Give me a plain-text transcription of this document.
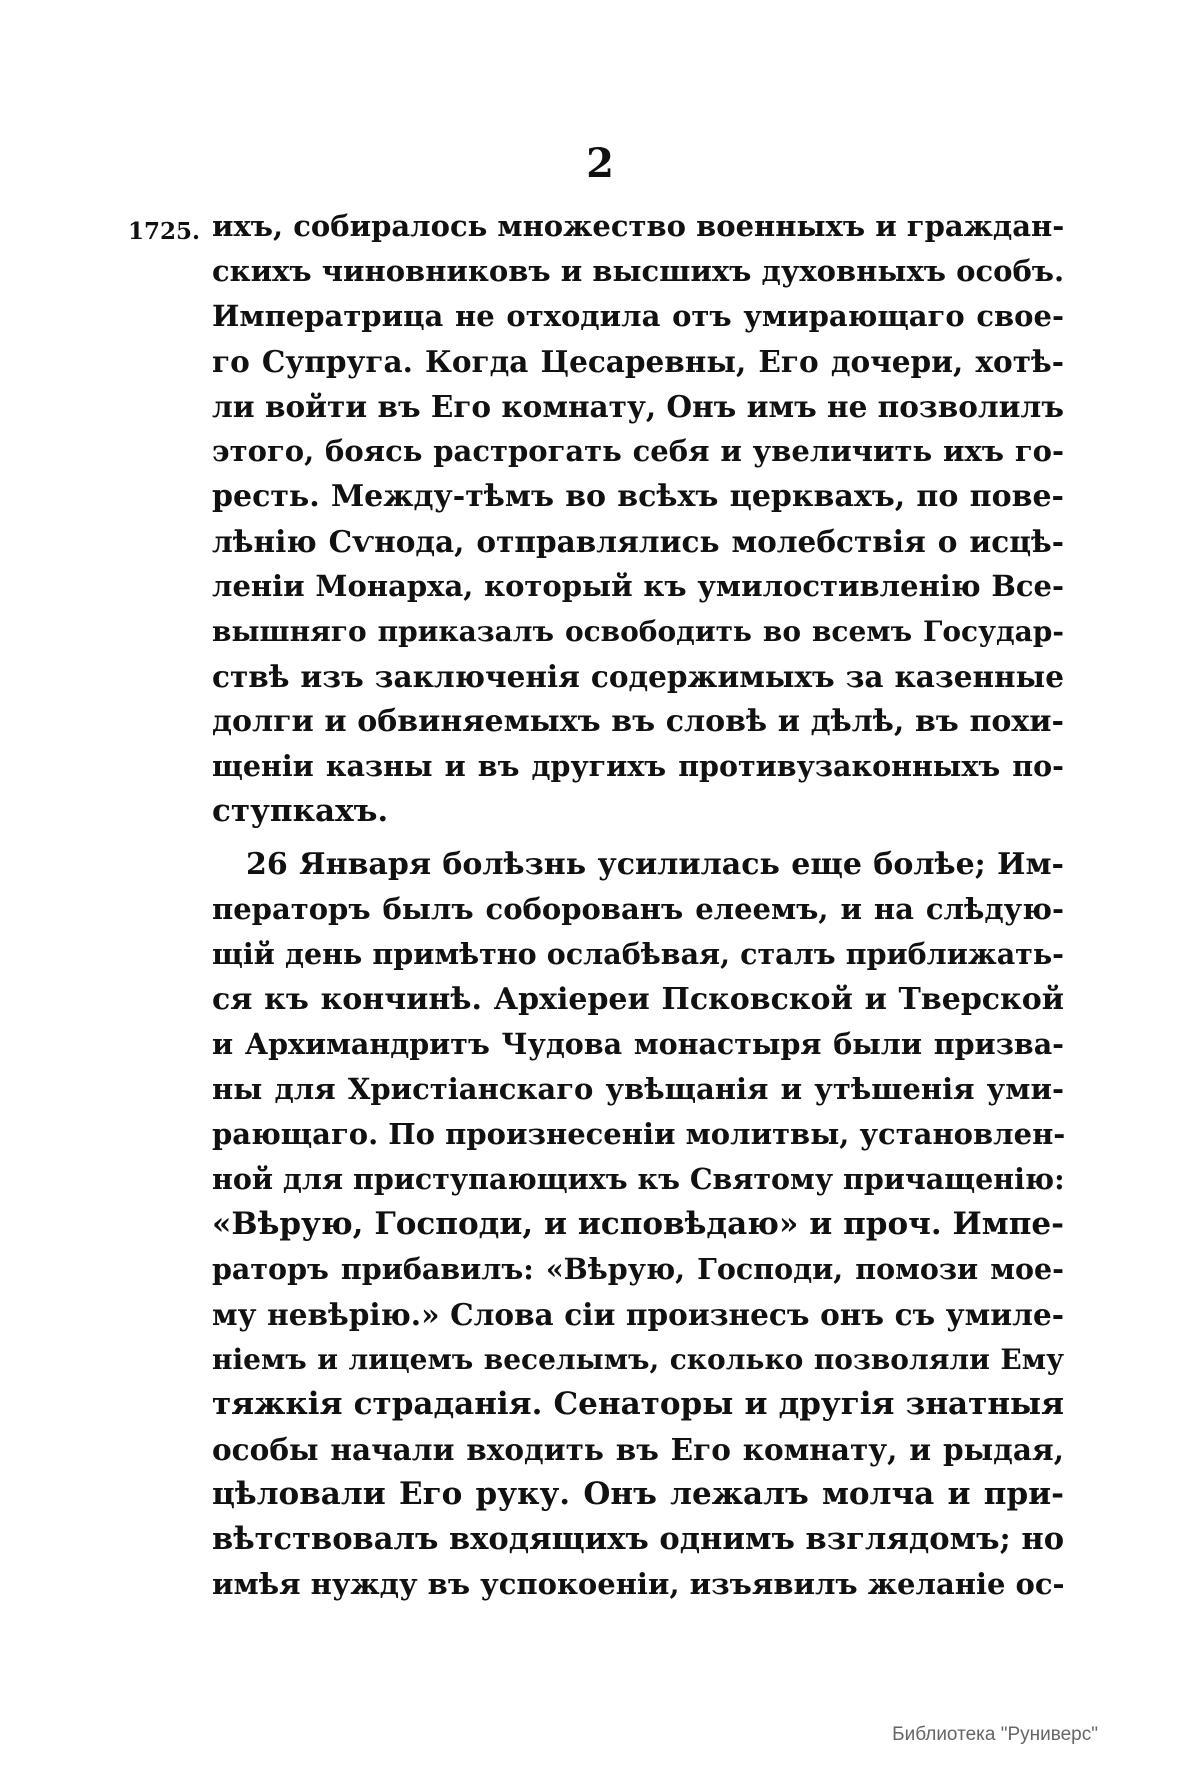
2
1725. ихъ, собиралось множество военныхъ и граждан-
скихъ чиновниковъ и высшихъ духовныхъ особъ.
Императрица не отходила отъ умирающаго свое-
го Супруга. Когда Цесаревны, Его дочери, хотѣ-
ли войти въ Его комнату, Онъ имъ не позволилъ
этого, боясь растрогать себя и увеличить ихъ го-
ресть. Между-тѣмъ во всѣхъ церквахъ, по пове-
лѣнію Сѵнода, отправлялись молебствія о исцѣ-
леніи Монарха, который къ умилостивленію Все-
вышняго приказалъ освободить во всемъ Государ-
ствѣ изъ заключенія содержимыхъ за казенные
долги и обвиняемыхъ въ словѣ и дѣлѣ, въ похи-
щеніи казны и въ другихъ противузаконныхъ по-
ступкахъ.
26 Января болѣзнь усилилась еще болѣе; Им-
ператоръ былъ соборованъ елеемъ, и на слѣдую-
щій день примѣтно ослабѣвая, сталъ приближать-
ся къ кончинѣ. Архіереи Псковской и Тверской
и Архимандритъ Чудова монастыря были призва-
ны для Христіанскаго увѣщанія и утѣшенія уми-
рающаго. По произнесеніи молитвы, установлен-
ной для приступающихъ къ Святому причащенію:
«Вѣрую, Господи, и исповѣдаю» и проч. Импе-
раторъ прибавилъ: «Вѣрую, Господи, помози мое-
му невѣрію.» Слова сіи произнесъ онъ съ умиле-
ніемъ и лицемъ веселымъ, сколько позволяли Ему
тяжкія страданія. Сенаторы и другія знатныя
особы начали входить въ Его комнату, и рыдая,
цѣловали Его руку. Онъ лежалъ молча и при-
вѣтствовалъ входящихъ однимъ взглядомъ; но
имѣя нужду въ успокоеніи, изъявилъ желаніе ос-
Библиотека "Руниверс"
